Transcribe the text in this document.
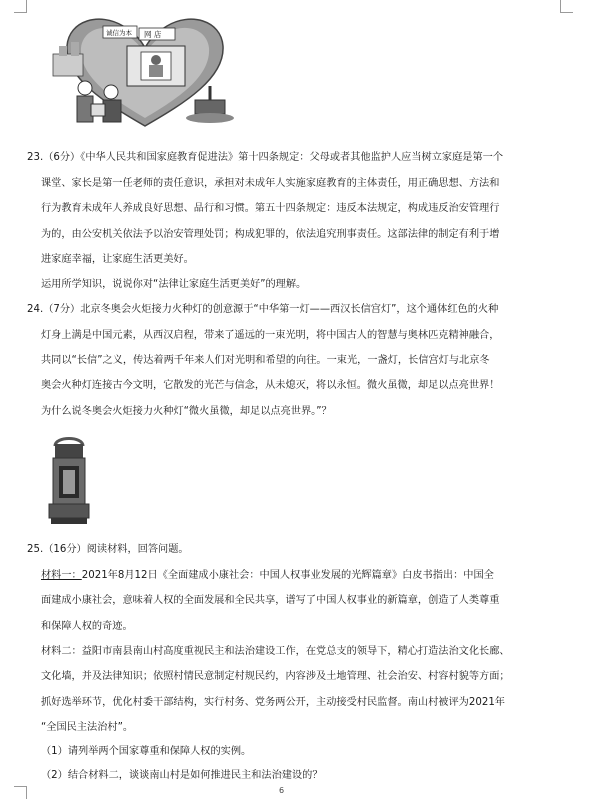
诚信为本 网 店
23.（6分）《中华人民共和国家庭教育促进法》第十四条规定：父母或者其他监护人应当树立家庭是第一个
课堂、家长是第一任老师的责任意识，承担对未成年人实施家庭教育的主体责任，用正确思想、方法和
行为教育未成年人养成良好思想、品行和习惯。第五十四条规定：违反本法规定，构成违反治安管理行
为的，由公安机关依法予以治安管理处罚；构成犯罪的，依法追究刑事责任。这部法律的制定有利于增
进家庭幸福，让家庭生活更美好。
运用所学知识，说说你对“法律让家庭生活更美好”的理解。
24.（7分）北京冬奥会火炬接力火种灯的创意源于“中华第一灯——西汉长信宫灯”，这个通体红色的火种
灯身上满是中国元素，从西汉启程，带来了遥远的一束光明，将中国古人的智慧与奥林匹克精神融合，
共同以“长信”之义，传达着两千年来人们对光明和希望的向往。一束光，一盏灯，长信宫灯与北京冬
奥会火种灯连接古今文明，它散发的光芒与信念，从未熄灭，将以永恒。微火虽微，却足以点亮世界！
为什么说冬奥会火炬接力火种灯“微火虽微，却足以点亮世界。”？
25.（16分）阅读材料，回答问题。
材料一：2021年8月12日《全面建成小康社会：中国人权事业发展的光辉篇章》白皮书指出：中国全
面建成小康社会，意味着人权的全面发展和全民共享，谱写了中国人权事业的新篇章，创造了人类尊重
和保障人权的奇迹。
材料二：益阳市南县南山村高度重视民主和法治建设工作，在党总支的领导下，精心打造法治文化长廊、
文化墙，并及法律知识；依照村情民意制定村规民约，内容涉及土地管理、社会治安、村容村貌等方面；
抓好选举环节，优化村委干部结构，实行村务、党务两公开，主动接受村民监督。南山村被评为2021年
“全国民主法治村”。
（1）请列举两个国家尊重和保障人权的实例。
（2）结合材料二，谈谈南山村是如何推进民主和法治建设的？
6
